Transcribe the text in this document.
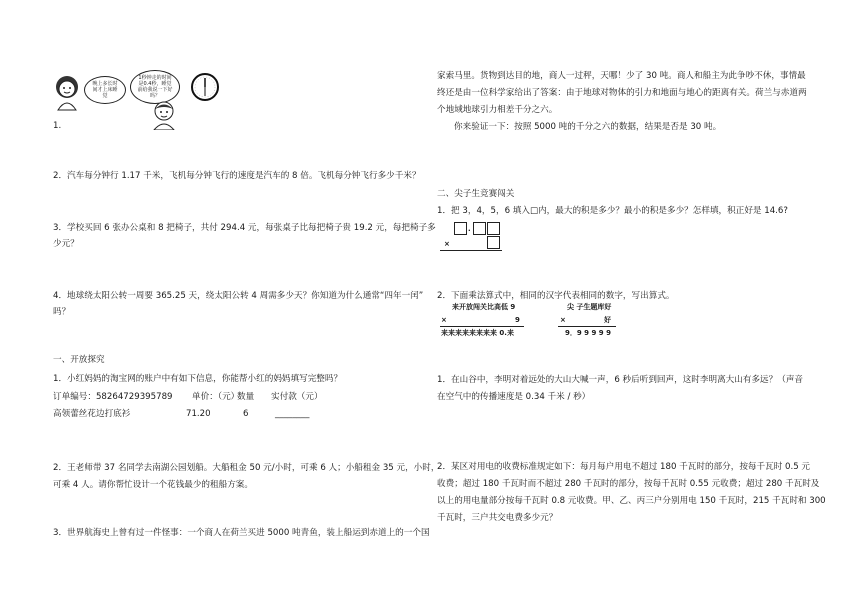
晚上多长时间才上床睡觉
1秒钟走的时间是0.4秒，睡觉前给我说一下好吗？
1.
2．汽车每分钟行 1.17 千米，飞机每分钟飞行的速度是汽车的 8 倍。飞机每分钟飞行多少千米？
3．学校买回 6 张办公桌和 8 把椅子，共付 294.4 元，每张桌子比每把椅子贵 19.2 元，每把椅子多
少元？
4．地球绕太阳公转一周要 365.25 天，绕太阳公转 4 周需多少天？你知道为什么通常“四年一闰”
吗？
一、开放探究
1．小红妈妈的淘宝网的账户中有如下信息，你能帮小红的妈妈填写完整吗？
订单编号：58264729395789 单价：（元）
数量 实付款（元）
高领蕾丝花边打底衫	71.20	6	________
2．王老师带 37 名同学去南湖公园划船。大船租金 50 元/小时，可乘 6 人；小船租金 35 元，小时，
可乘 4 人。请你帮忙设计一个花钱最少的租船方案。
3．世界航海史上曾有过一件怪事：一个商人在荷兰买进 5000 吨青鱼，装上船运到赤道上的一个国
家索马里。货物到达目的地，商人一过秤，天哪！少了 30 吨。商人和船主为此争吵不休，事情最
终还是由一位科学家给出了答案：由于地球对物体的引力和地面与地心的距离有关。荷兰与赤道两
个地域地球引力相差千分之六。
你来验证一下：按照 5000 吨的千分之六的数据，结果是否是 30 吨。
二、尖子生竞赛闯关
1．把 3，4，5，6 填入□内，最大的积是多少？最小的积是多少？怎样填，积正好是 14.6?
.
×
2．下面乘法算式中，相同的汉字代表相同的数字，写出算式。
来开放闯关比高低 9
×	9
来来来来来来来来 0.来
尖 子生题库好
×	好
9．9 9 9 9 9
1．在山谷中，李明对着远处的大山大喊一声，6 秒后听到回声，这时李明离大山有多远？（声音
在空气中的传播速度是 0.34 千米 / 秒）
2．某区对用电的收费标准规定如下：每月每户用电不超过 180 千瓦时的部分，按每千瓦时 0.5 元
收费；超过 180 千瓦时而不超过 280 千瓦时的部分，按每千瓦时 0.55 元收费；超过 280 千瓦时及
以上的用电量部分按每千瓦时 0.8 元收费。甲、乙、丙三户分别用电 150 千瓦时，215 千瓦时和 300
千瓦时，三户共交电费多少元？
